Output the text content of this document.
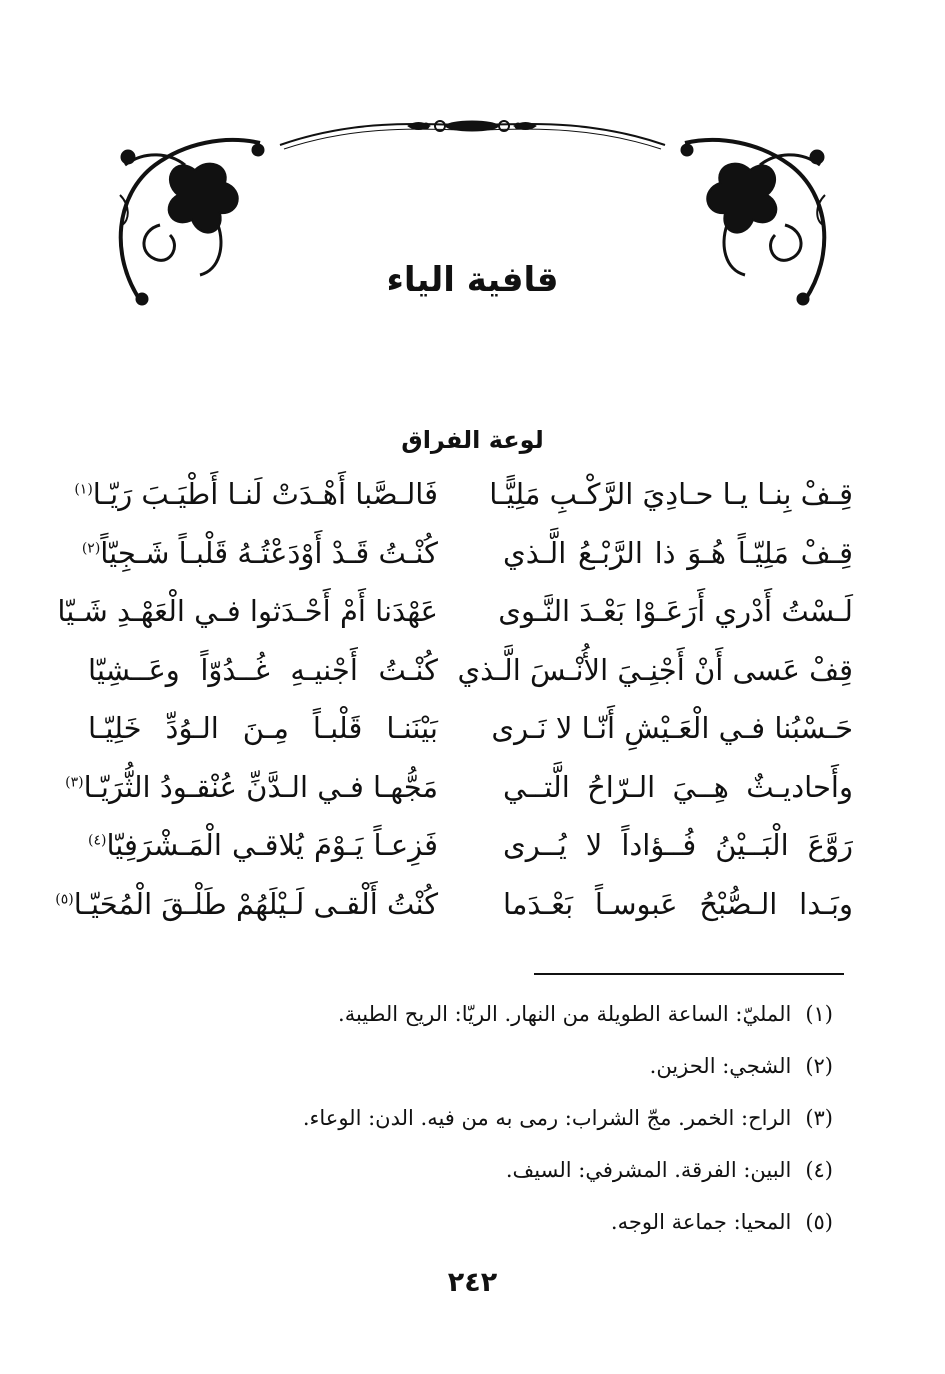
قافية الياء
لوعة الفراق
قِـفْ بِنـا يـا حـادِيَ الرَّكْـبِ مَلِيًّـا
فَالـصَّبا أَهْـدَتْ لَنـا أَطْيَـبَ رَيّـا$^{(١)}$
قِـفْ مَلِيّـاً هُـوَ ذا الرَّبْـعُ الَّـذي
كُنْـتُ قَـدْ أَوْدَعْتُـهُ قَلْبـاً شَـجِيّاً$^{(٢)}$
لَـسْتُ أَدْري أَرَعَـوْا بَعْـدَ النَّـوى
عَهْدَنا أَمْ أَحْـدَثوا فـي الْعَهْـدِ شَـيّا
قِفْ عَسى أَنْ أَجْنِـيَ الأُنْـسَ الَّـذي
كُنْـتُ أَجْنيـهِ غُــدُوّاً وعَــشِيّا
حَـسْبُنا فـي الْعَـيْشِ أَنّـا لا نَـرى
بَيْنَنـا قَلْبـاً مِـنَ الـوُدِّ خَلِيّـا
وأَحاديـثٌ هِــيَ الـرّاحُ الَّتــي
مَجُّهـا فـي الـدَّنِّ عُنْقـودُ الثُّرَيّـا$^{(٣)}$
رَوَّعَ الْبَــيْنُ فُــؤاداً لا يُــرى
فَزِعـاً يَـوْمَ يُلاقـي الْمَـشْرَفِيّا$^{(٤)}$
وبَـدا الـصُّبْحُ عَبوسـاً بَعْـدَما
كُنْتُ أَلْقـى لَـيْلَهُمْ طَلْـقَ الْمُحَيّـا$^{(٥)}$
(١)
المليّ: الساعة الطويلة من النهار. الريّا: الريح الطيبة.
(٢)
الشجي: الحزين.
(٣)
الراح: الخمر. مجّ الشراب: رمى به من فيه. الدن: الوعاء.
(٤)
البين: الفرقة. المشرفي: السيف.
(٥)
المحيا: جماعة الوجه.
٢٤٢
